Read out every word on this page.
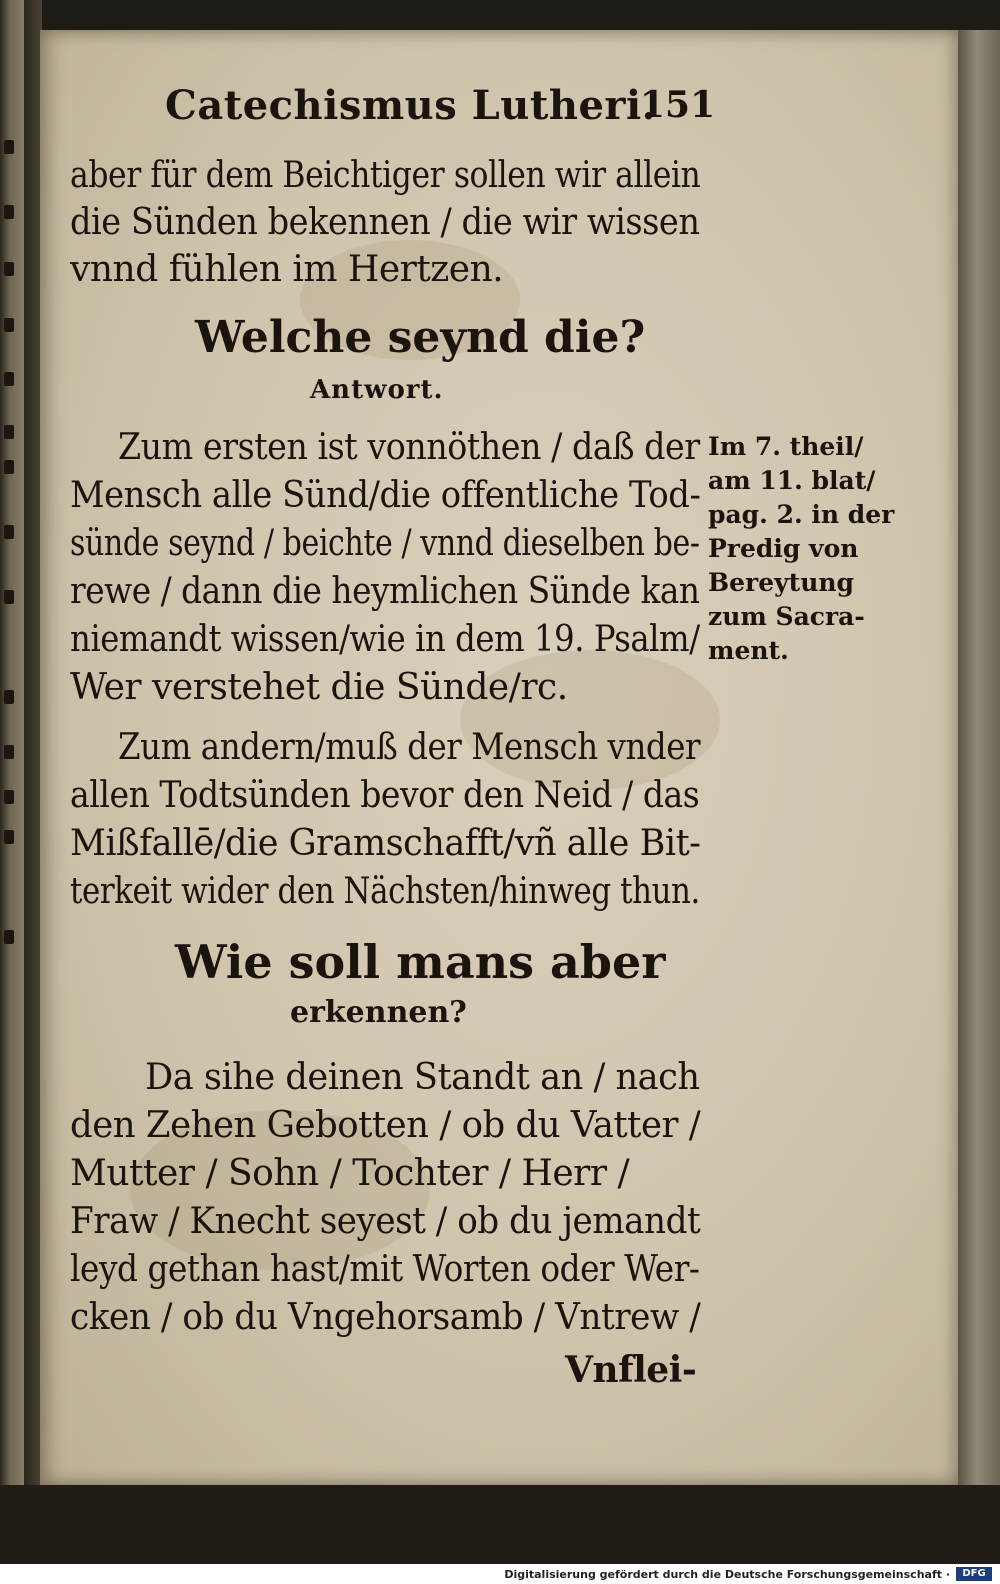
Catechismus Lutheri.
151
aber für dem Beichtiger sollen wir allein
die Sünden bekennen / die wir wissen
vnnd fühlen im Hertzen.
Welche seynd die?
Antwort.
Zum ersten ist vonnöthen / daß der
Mensch alle Sünd/die offentliche Tod-
sünde seynd / beichte / vnnd dieselben be-
rewe / dann die heymlichen Sünde kan
niemandt wissen/wie in dem 19. Psalm/
Wer verstehet die Sünde/rc.
Im 7. theil/
am 11. blat/
pag. 2. in der
Predig von
Bereytung
zum Sacra-
ment.
Zum andern/muß der Mensch vnder
allen Todtsünden bevor den Neid / das
Mißfallē/die Gramschafft/vñ alle Bit-
terkeit wider den Nächsten/hinweg thun.
Wie soll mans aber
erkennen?
Da sihe deinen Standt an / nach
den Zehen Gebotten / ob du Vatter /
Mutter / Sohn / Tochter / Herr /
Fraw / Knecht seyest / ob du jemandt
leyd gethan hast/mit Worten oder Wer-
cken / ob du Vngehorsamb / Vntrew /
Vnflei-
Digitalisierung gefördert durch die Deutsche Forschungsgemeinschaft ·	DFG
